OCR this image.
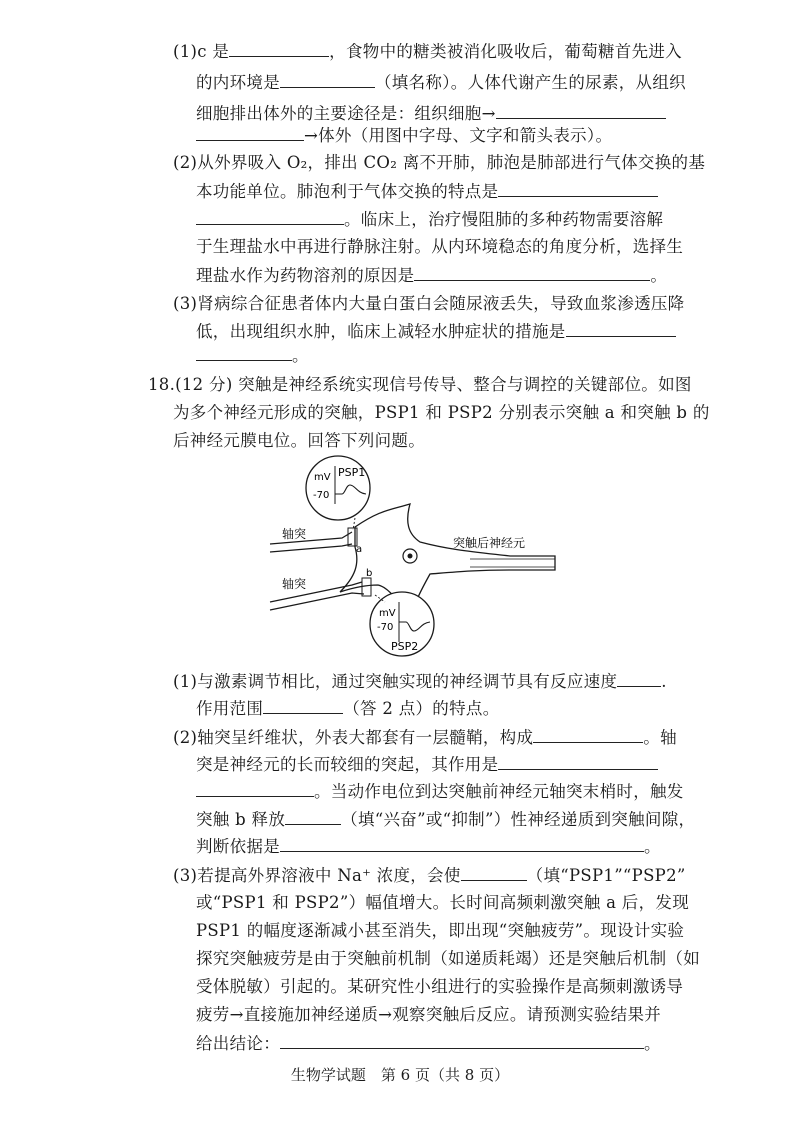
(1)c 是	，食物中的糖类被消化吸收后，葡萄糖首先进入
的内环境是	（填名称）。人体代谢产生的尿素，从组织
细胞排出体外的主要途径是：组织细胞→
→体外（用图中字母、文字和箭头表示）。
(2)从外界吸入 O₂，排出 CO₂ 离不开肺，肺泡是肺部进行气体交换的基
本功能单位。肺泡利于气体交换的特点是
。临床上，治疗慢阻肺的多种药物需要溶解
于生理盐水中再进行静脉注射。从内环境稳态的角度分析，选择生
理盐水作为药物溶剂的原因是	。
(3)肾病综合征患者体内大量白蛋白会随尿液丢失，导致血浆渗透压降
低，出现组织水肿，临床上减轻水肿症状的措施是
。
18.(12 分) 突触是神经系统实现信号传导、整合与调控的关键部位。如图
为多个神经元形成的突触，PSP1 和 PSP2 分别表示突触 a 和突触 b 的
后神经元膜电位。回答下列问题。
a
轴突
b
轴突
突触后神经元
mV
-70
PSP1
mV
-70
PSP2
(1)与激素调节相比，通过突触实现的神经调节具有反应速度	.
作用范围	（答 2 点）的特点。
(2)轴突呈纤维状，外表大都套有一层髓鞘，构成	。轴
突是神经元的长而较细的突起，其作用是
。当动作电位到达突触前神经元轴突末梢时，触发
突触 b 释放	（填“兴奋”或“抑制”）性神经递质到突触间隙，
判断依据是	。
(3)若提高外界溶液中 Na⁺ 浓度，会使	（填“PSP1”“PSP2”
或“PSP1 和 PSP2”）幅值增大。长时间高频刺激突触 a 后，发现
PSP1 的幅度逐渐减小甚至消失，即出现“突触疲劳”。现设计实验
探究突触疲劳是由于突触前机制（如递质耗竭）还是突触后机制（如
受体脱敏）引起的。某研究性小组进行的实验操作是高频刺激诱导
疲劳→直接施加神经递质→观察突触后反应。请预测实验结果并
给出结论：	。
生物学试题　第 6 页（共 8 页）
